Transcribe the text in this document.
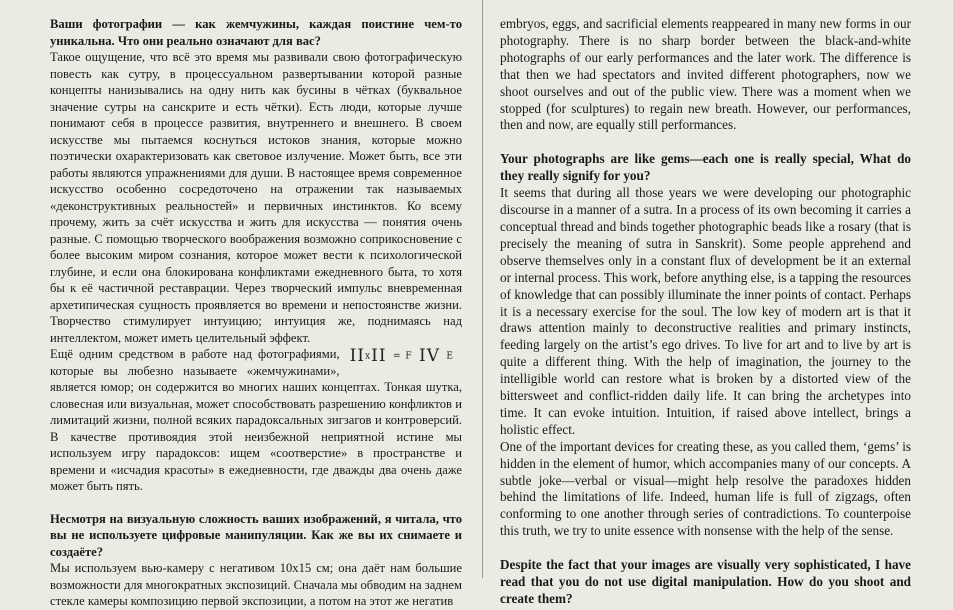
Ваши фотографии — как жемчужины, каждая поистине чем-то уникальна. Что они реально означают для вас?

Такое ощущение, что всё это время мы развивали свою фотографическую повесть как сутру, в процессуальном развертывании которой разные концепты нанизывались на одну нить как бусины в чётках (буквальное значение сутры на санскрите и есть чётки). Есть люди, которые лучше понимают себя в процессе развития, внутреннего и внешнего. В своем искусстве мы пытаемся коснуться истоков знания, которые можно поэтически охарактеризовать как световое излучение. Может быть, все эти работы являются упражнениями для души. В настоящее время современное искусство особенно сосредоточено на отражении так называемых «деконструктивных реальностей» и первичных инстинктов. Ко всему прочему, жить за счёт искусства и жить для искусства — понятия очень разные. С помощью творческого воображения возможно соприкосновение с более высоким миром сознания, которое может вести к психологической глубине, и если она блокирована конфликтами ежедневного быта, то хотя бы к её частичной реставрации. Через творческий импульс вневременная архетипическая сущность проявляется во времени и непостоянстве жизни. Творчество стимулирует интуицию; интуиция же, поднимаясь над интеллектом, может иметь целительный эффект.

IIxII = F IV E
Ещё одним средством в работе над фотографиями, которые вы любезно называете «жемчужинами», является юмор; он содержится во многих наших концептах. Тонкая шутка, словесная или визуальная, может способствовать разрешению конфликтов и лимитаций жизни, полной всяких парадоксальных зигзагов и контроверсий. В качестве противоядия этой неизбежной неприятной истине мы используем игру парадоксов: ищем «соотверстие» в пространстве и времени и «исчадия красоты» в ежедневности, где дважды два очень даже может быть пять.

Несмотря на визуальную сложность ваших изображений, я читала, что вы не используете цифровые манипуляции. Как же вы их снимаете и создаёте?

Мы используем вью-камеру с негативом 10x15 см; она даёт нам большие возможности для многократных экспозиций. Сначала мы обводим на заднем стекле камеры композицию первой экспозиции, а потом на этот же негатив

embryos, eggs, and sacrificial elements reappeared in many new forms in our photography. There is no sharp border between the black-and-white photographs of our early performances and the later work. The difference is that then we had spectators and invited different photographers, now we shoot ourselves and out of the public view. There was a moment when we stopped (for sculptures) to regain new breath. However, our performances, then and now, are equally still performances.

Your photographs are like gems—each one is really special, What do they really signify for you?

It seems that during all those years we were developing our photographic discourse in a manner of a sutra. In a process of its own becoming it carries a conceptual thread and binds together photographic beads like a rosary (that is precisely the meaning of sutra in Sanskrit). Some people apprehend and observe themselves only in a constant flux of development be it an external or internal process. This work, before anything else, is a tapping the resources of knowledge that can possibly illuminate the inner points of contact. Perhaps it is a necessary exercise for the soul. The low key of modern art is that it draws attention mainly to deconstructive realities and primary instincts, feeding largely on the artist’s ego drives. To live for art and to live by art is quite a different thing. With the help of imagination, the journey to the intelligible world can restore what is broken by a distorted view of the bittersweet and conflict-ridden daily life. It can bring the archetypes into time. It can evoke intuition. Intuition, if raised above intellect, brings a holistic effect.

One of the important devices for creating these, as you called them, ‘gems’ is hidden in the element of humor, which accompanies many of our concepts. A subtle joke—verbal or visual—might help resolve the paradoxes hidden behind the limitations of life. Indeed, human life is full of zigzags, often conforming to one another through series of contradictions. To counterpoise this truth, we try to unite essence with nonsense with the help of the sense.

Despite the fact that your images are visually very sophisticated, I have read that you do not use digital manipulation. How do you shoot and create them?
